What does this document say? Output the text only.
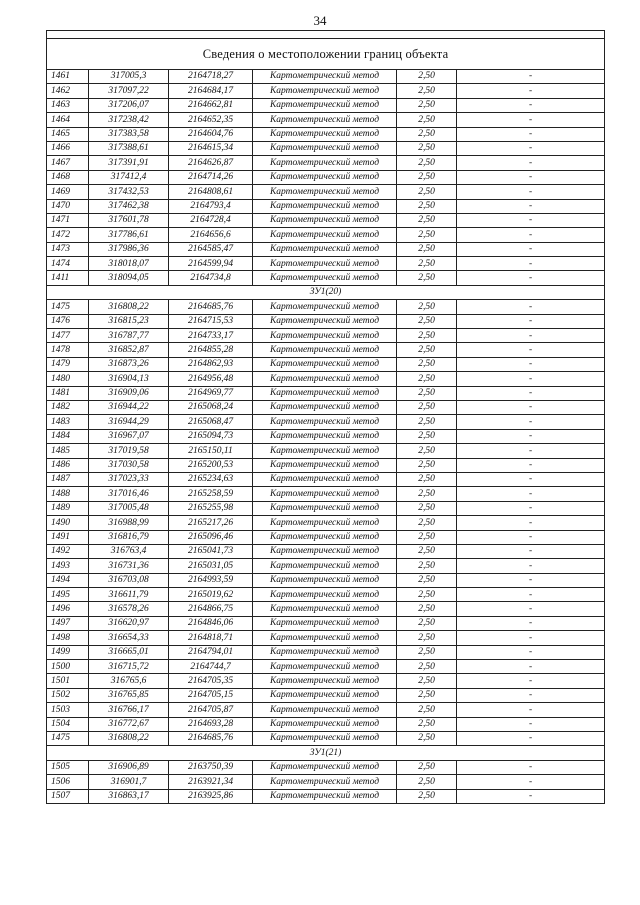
34

Сведения о местоположении границ объекта					
1461	317005,3	2164718,27	Картометрический метод	2,50	-
1462	317097,22	2164684,17	Картометрический метод	2,50	-
1463	317206,07	2164662,81	Картометрический метод	2,50	-
1464	317238,42	2164652,35	Картометрический метод	2,50	-
1465	317383,58	2164604,76	Картометрический метод	2,50	-
1466	317388,61	2164615,34	Картометрический метод	2,50	-
1467	317391,91	2164626,87	Картометрический метод	2,50	-
1468	317412,4	2164714,26	Картометрический метод	2,50	-
1469	317432,53	2164808,61	Картометрический метод	2,50	-
1470	317462,38	2164793,4	Картометрический метод	2,50	-
1471	317601,78	2164728,4	Картометрический метод	2,50	-
1472	317786,61	2164656,6	Картометрический метод	2,50	-
1473	317986,36	2164585,47	Картометрический метод	2,50	-
1474	318018,07	2164599,94	Картометрический метод	2,50	-
1411	318094,05	2164734,8	Картометрический метод	2,50	-
ЗУ1(20)					
1475	316808,22	2164685,76	Картометрический метод	2,50	-
1476	316815,23	2164715,53	Картометрический метод	2,50	-
1477	316787,77	2164733,17	Картометрический метод	2,50	-
1478	316852,87	2164855,28	Картометрический метод	2,50	-
1479	316873,26	2164862,93	Картометрический метод	2,50	-
1480	316904,13	2164956,48	Картометрический метод	2,50	-
1481	316909,06	2164969,77	Картометрический метод	2,50	-
1482	316944,22	2165068,24	Картометрический метод	2,50	-
1483	316944,29	2165068,47	Картометрический метод	2,50	-
1484	316967,07	2165094,73	Картометрический метод	2,50	-
1485	317019,58	2165150,11	Картометрический метод	2,50	-
1486	317030,58	2165200,53	Картометрический метод	2,50	-
1487	317023,33	2165234,63	Картометрический метод	2,50	-
1488	317016,46	2165258,59	Картометрический метод	2,50	-
1489	317005,48	2165255,98	Картометрический метод	2,50	-
1490	316988,99	2165217,26	Картометрический метод	2,50	-
1491	316816,79	2165096,46	Картометрический метод	2,50	-
1492	316763,4	2165041,73	Картометрический метод	2,50	-
1493	316731,36	2165031,05	Картометрический метод	2,50	-
1494	316703,08	2164993,59	Картометрический метод	2,50	-
1495	316611,79	2165019,62	Картометрический метод	2,50	-
1496	316578,26	2164866,75	Картометрический метод	2,50	-
1497	316620,97	2164846,06	Картометрический метод	2,50	-
1498	316654,33	2164818,71	Картометрический метод	2,50	-
1499	316665,01	2164794,01	Картометрический метод	2,50	-
1500	316715,72	2164744,7	Картометрический метод	2,50	-
1501	316765,6	2164705,35	Картометрический метод	2,50	-
1502	316765,85	2164705,15	Картометрический метод	2,50	-
1503	316766,17	2164705,87	Картометрический метод	2,50	-
1504	316772,67	2164693,28	Картометрический метод	2,50	-
1475	316808,22	2164685,76	Картометрический метод	2,50	-
ЗУ1(21)					
1505	316906,89	2163750,39	Картометрический метод	2,50	-
1506	316901,7	2163921,34	Картометрический метод	2,50	-
1507	316863,17	2163925,86	Картометрический метод	2,50	-
